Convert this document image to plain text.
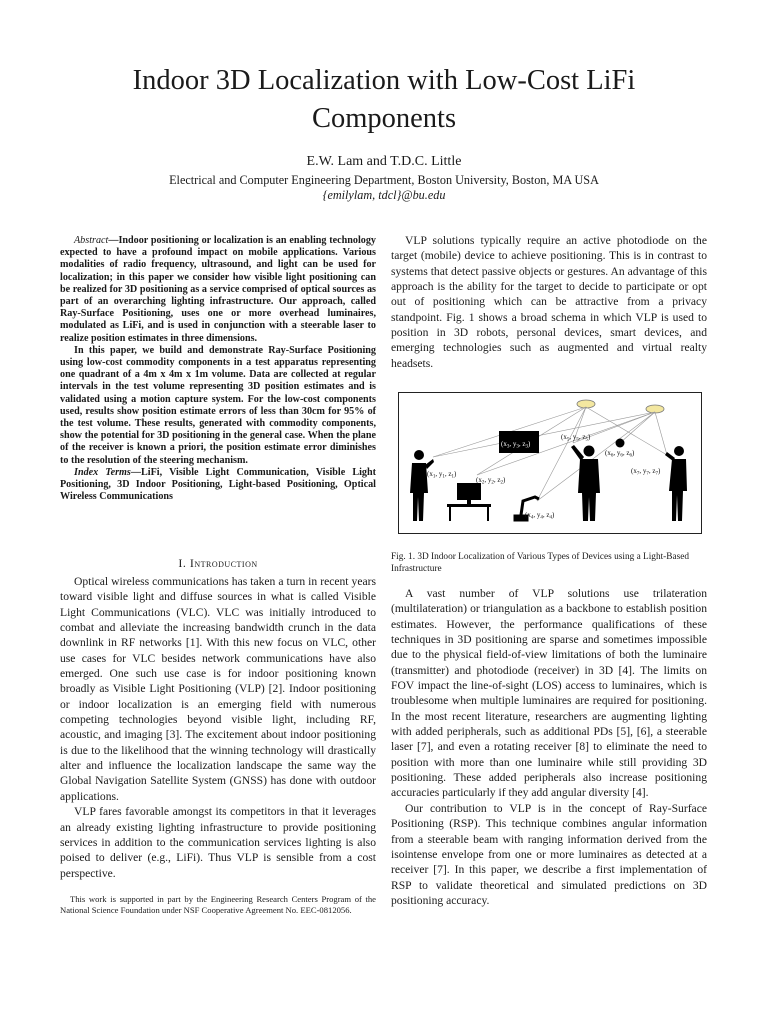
Indoor 3D Localization with Low-Cost LiFi Components
E.W. Lam and T.D.C. Little
Electrical and Computer Engineering Department, Boston University, Boston, MA USA
{emilylam, tdcl}@bu.edu

Abstract—Indoor positioning or localization is an enabling technology expected to have a profound impact on mobile applications. Various modalities of radio frequency, ultrasound, and light can be used for localization; in this paper we consider how visible light positioning can be realized for 3D positioning as a service comprised of optical sources as part of an overarching lighting infrastructure. Our approach, called Ray-Surface Positioning, uses one or more overhead luminaires, modulated as LiFi, and is used in conjunction with a steerable laser to realize position estimates in three dimensions.

In this paper, we build and demonstrate Ray-Surface Positioning using low-cost commodity components in a test apparatus representing one quadrant of a 4m x 4m x 1m volume. Data are collected at regular intervals in the test volume representing 3D position estimates and is validated using a motion capture system. For the low-cost components used, results show position estimate errors of less than 30cm for 95% of the test volume. These results, generated with commodity components, show the potential for 3D positioning in the general case. When the plane of the receiver is known a priori, the position estimate error diminishes to the resolution of the steering mechanism.

Index Terms—LiFi, Visible Light Communication, Visible Light Positioning, 3D Indoor Positioning, Light-based Positioning, Optical Wireless Communications

I. Introduction

Optical wireless communications has taken a turn in recent years toward visible light and diffuse sources in what is called Visible Light Communications (VLC). VLC was initially introduced to combat and alleviate the increasing bandwidth crunch in the data downlink in RF networks [1]. With this new focus on VLC, other use cases for VLC besides network communications have also emerged. One such use case is for indoor positioning known broadly as Visible Light Positioning (VLP) [2]. Indoor positioning or indoor localization is an emerging field with numerous competing technologies beyond visible light, including RF, acoustic, and imaging [3]. The excitement about indoor positioning is due to the likelihood that the winning technology will drastically alter and influence the localization landscape the same way the Global Navigation Satellite System (GNSS) has done with outdoor applications.

VLP fares favorable amongst its competitors in that it leverages an already existing lighting infrastructure to provide positioning services in addition to the communication services lighting is also poised to deliver (e.g., LiFi). Thus VLP is sensible from a cost perspective.

This work is supported in part by the Engineering Research Centers Program of the National Science Foundation under NSF Cooperative Agreement No. EEC-0812056.

VLP solutions typically require an active photodiode on the target (mobile) device to achieve positioning. This is in contrast to systems that detect passive objects or gestures. An advantage of this approach is the ability for the target to decide to participate or opt out of positioning which can be attractive from a privacy standpoint. Fig. 1 shows a broad schema in which VLP is used to position in 3D robots, personal devices, smart devices, and emerging technologies such as augmented and virtual realty headsets.

($x_1$, $y_1$, $z_1$)
($x_2$, $y_2$, $z_2$)
($x_3$, $y_3$, $z_3$)
($x_4$, $y_4$, $z_4$)
($x_5$, $y_5$, $z_5$)
($x_6$, $y_6$, $z_6$)
($x_7$, $y_7$, $z_7$)
Fig. 1. 3D Indoor Localization of Various Types of Devices using a Light-Based Infrastructure

A vast number of VLP solutions use trilateration (multilateration) or triangulation as a backbone to establish position estimates. However, the performance qualifications of these techniques in 3D positioning are sparse and sometimes impossible due to the physical field-of-view limitations of both the luminaire (transmitter) and photodiode (receiver) in 3D [4]. The limits on FOV impact the line-of-sight (LOS) access to luminaires, which is troublesome when multiple luminaires are required for positioning. In the most recent literature, researchers are augmenting lighting with added peripherals, such as additional PDs [5], [6], a steerable laser [7], and even a rotating receiver [8] to eliminate the need to position with more than one luminaire while still providing 3D positioning. These added peripherals also increase positioning accuracies particularly if they add angular diversity [4].

Our contribution to VLP is in the concept of Ray-Surface Positioning (RSP). This technique combines angular information from a steerable beam with ranging information derived from the isointense envelope from one or more luminaires as detected at a receiver [7]. In this paper, we describe a first implementation of RSP to validate theoretical and simulated predictions on 3D positioning accuracy.
